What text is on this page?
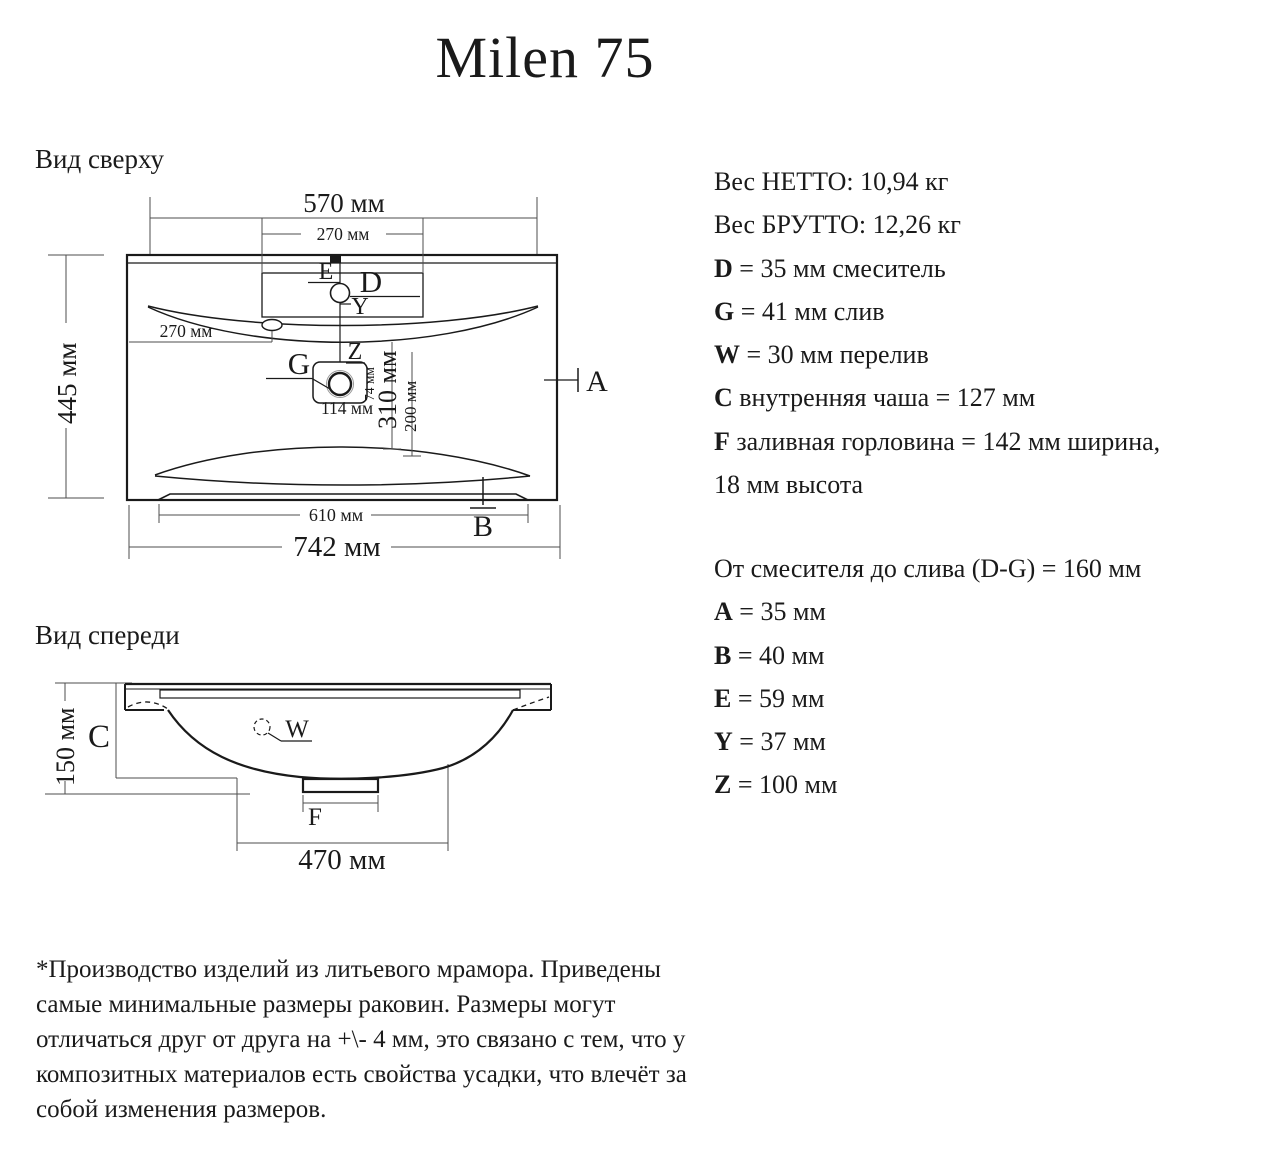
Milen 75
Вид сверху
570 мм
270 мм
445 мм
270 мм
74 мм
310 мм 200 мм
114 мм
610 мм
742 мм
E D
Y
Z
G
A
B
Вес НЕТТО: 10,94 кг
Вес БРУТТО: 12,26 кг
D = 35 мм смеситель
G = 41 мм слив
W = 30 мм перелив
C внутренняя чаша = 127 мм
F заливная горловина = 142 мм ширина,
18 мм высота
От смесителя до слива (D-G) = 160 мм
A = 35 мм
B = 40 мм
E = 59 мм
Y = 37 мм
Z = 100 мм
Вид спереди
C
150 мм	W
F
470 мм
*Производство изделий из литьевого мрамора. Приведены
самые минимальные размеры раковин. Размеры могут
отличаться друг от друга на +\- 4 мм, это связано с тем, что у
композитных материалов есть свойства усадки, что влечёт за
собой изменения размеров.
